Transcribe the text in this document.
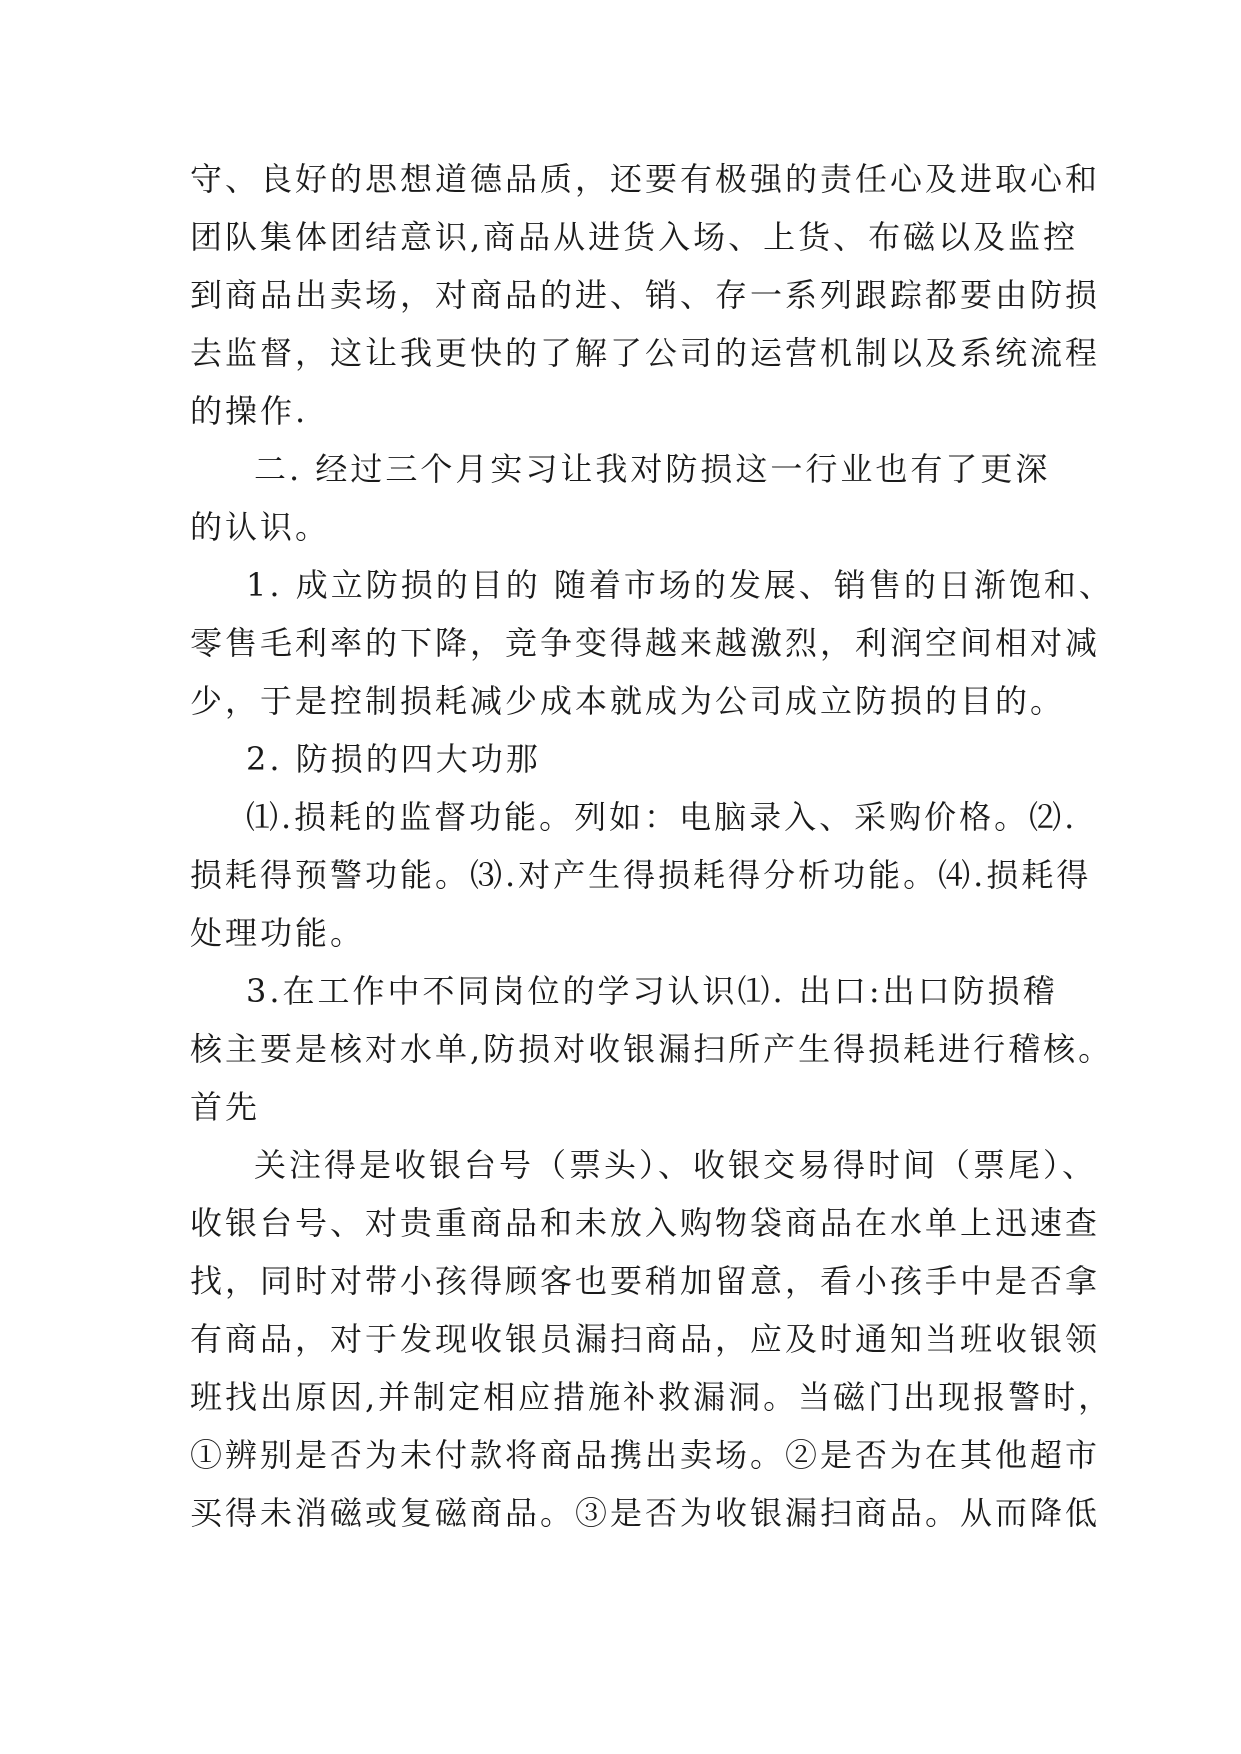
守、良好的思想道德品质，还要有极强的责任心及进取心和
团队集体团结意识,商品从进货入场、上货、布磁以及监控
到商品出卖场，对商品的进、销、存一系列跟踪都要由防损
去监督，这让我更快的了解了公司的运营机制以及系统流程
的操作.
二. 经过三个月实习让我对防损这一行业也有了更深
的认识。
1. 成立防损的目的 随着市场的发展、销售的日渐饱和、
零售毛利率的下降，竞争变得越来越激烈，利润空间相对减
少，于是控制损耗减少成本就成为公司成立防损的目的。
2. 防损的四大功那
⑴.损耗的监督功能。列如：电脑录入、采购价格。⑵.
损耗得预警功能。⑶.对产生得损耗得分析功能。⑷.损耗得
处理功能。
3.在工作中不同岗位的学习认识⑴. 出口:出口防损稽
核主要是核对水单,防损对收银漏扫所产生得损耗进行稽核。
首先
关注得是收银台号（票头）、收银交易得时间（票尾）、
收银台号、对贵重商品和未放入购物袋商品在水单上迅速查
找，同时对带小孩得顾客也要稍加留意，看小孩手中是否拿
有商品，对于发现收银员漏扫商品，应及时通知当班收银领
班找出原因,并制定相应措施补救漏洞。当磁门出现报警时，
①辨别是否为未付款将商品携出卖场。②是否为在其他超市
买得未消磁或复磁商品。③是否为收银漏扫商品。从而降低
